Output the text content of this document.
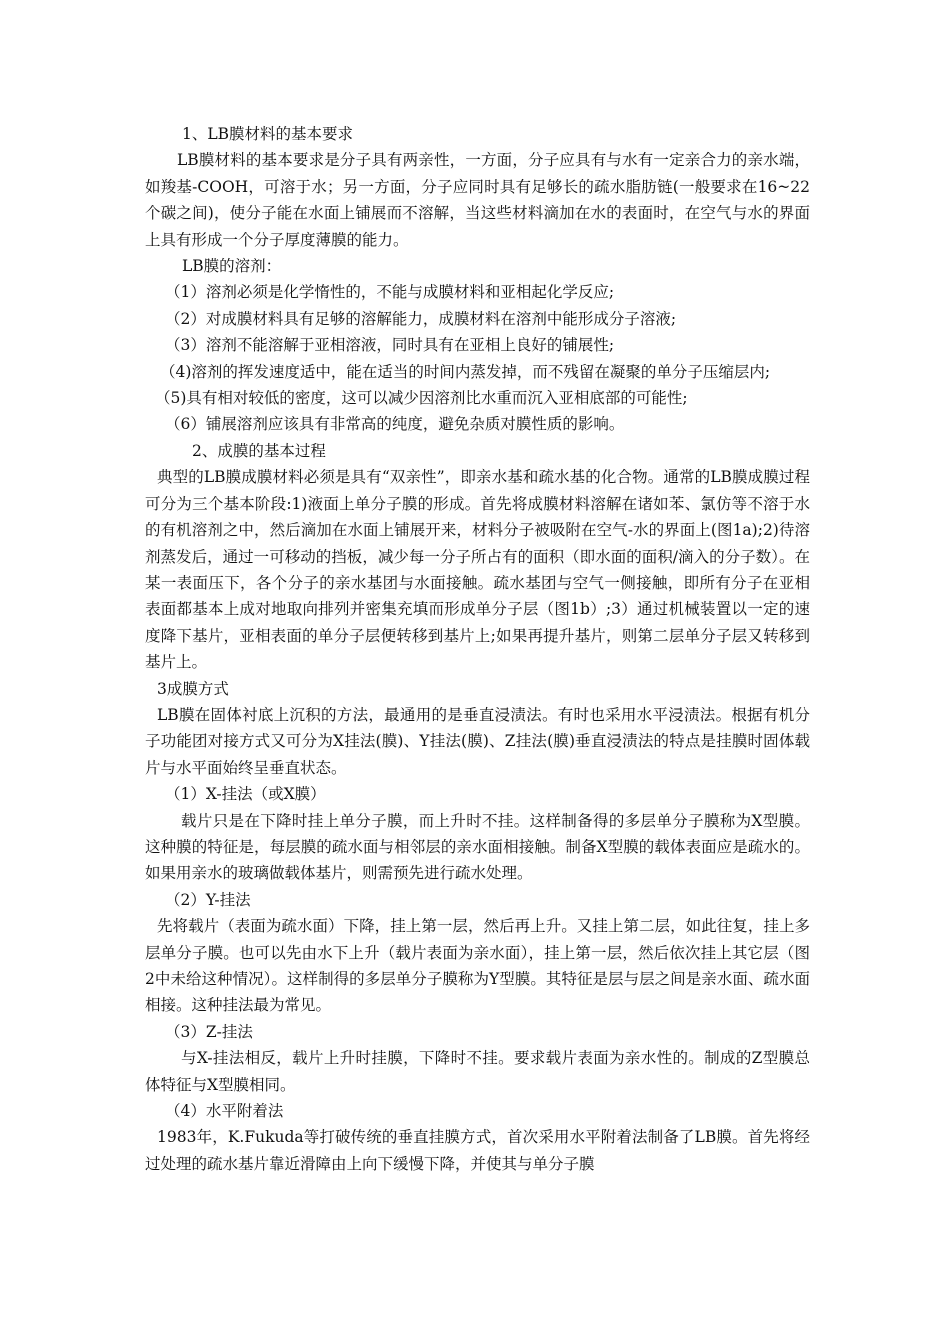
1、LB膜材料的基本要求

LB膜材料的基本要求是分子具有两亲性，一方面，分子应具有与水有一定亲合力的亲水端，如羧基-COOH，可溶于水；另一方面，分子应同时具有足够长的疏水脂肪链(一般要求在16~22个碳之间)，使分子能在水面上铺展而不溶解，当这些材料滴加在水的表面时，在空气与水的界面上具有形成一个分子厚度薄膜的能力。

LB膜的溶剂：

（1）溶剂必须是化学惰性的，不能与成膜材料和亚相起化学反应;

（2）对成膜材料具有足够的溶解能力，成膜材料在溶剂中能形成分子溶液;

（3）溶剂不能溶解于亚相溶液，同时具有在亚相上良好的铺展性;

（4)溶剂的挥发速度适中，能在适当的时间内蒸发掉，而不残留在凝聚的单分子压缩层内;

（5)具有相对较低的密度，这可以减少因溶剂比水重而沉入亚相底部的可能性;

（6）铺展溶剂应该具有非常高的纯度，避免杂质对膜性质的影响。

2、成膜的基本过程

典型的LB膜成膜材料必须是具有“双亲性”，即亲水基和疏水基的化合物。通常的LB膜成膜过程可分为三个基本阶段:1)液面上单分子膜的形成。首先将成膜材料溶解在诸如苯、氯仿等不溶于水的有机溶剂之中，然后滴加在水面上铺展开来，材料分子被吸附在空气-水的界面上(图1a);2)待溶剂蒸发后，通过一可移动的挡板，减少每一分子所占有的面积（即水面的面积/滴入的分子数）。在某一表面压下，各个分子的亲水基团与水面接触。疏水基团与空气一侧接触，即所有分子在亚相表面都基本上成对地取向排列并密集充填而形成单分子层（图1b）;3）通过机械装置以一定的速度降下基片，亚相表面的单分子层便转移到基片上;如果再提升基片，则第二层单分子层又转移到基片上。

3成膜方式

LB膜在固体衬底上沉积的方法，最通用的是垂直浸渍法。有时也采用水平浸渍法。根据有机分子功能团对接方式又可分为X挂法(膜)、Y挂法(膜)、Z挂法(膜)垂直浸渍法的特点是挂膜时固体载片与水平面始终呈垂直状态。

（1）X-挂法（或X膜）

载片只是在下降时挂上单分子膜，而上升时不挂。这样制备得的多层单分子膜称为X型膜。这种膜的特征是，每层膜的疏水面与相邻层的亲水面相接触。制备X型膜的载体表面应是疏水的。如果用亲水的玻璃做载体基片，则需预先进行疏水处理。

（2）Y-挂法

先将载片（表面为疏水面）下降，挂上第一层，然后再上升。又挂上第二层，如此往复，挂上多层单分子膜。也可以先由水下上升（载片表面为亲水面），挂上第一层，然后依次挂上其它层（图2中未给这种情况）。这样制得的多层单分子膜称为Y型膜。其特征是层与层之间是亲水面、疏水面相接。这种挂法最为常见。

（3）Z-挂法

与X-挂法相反，载片上升时挂膜，下降时不挂。要求载片表面为亲水性的。制成的Z型膜总体特征与X型膜相同。

（4）水平附着法

1983年，K.Fukuda等打破传统的垂直挂膜方式，首次采用水平附着法制备了LB膜。首先将经过处理的疏水基片靠近滑障由上向下缓慢下降，并使其与单分子膜
